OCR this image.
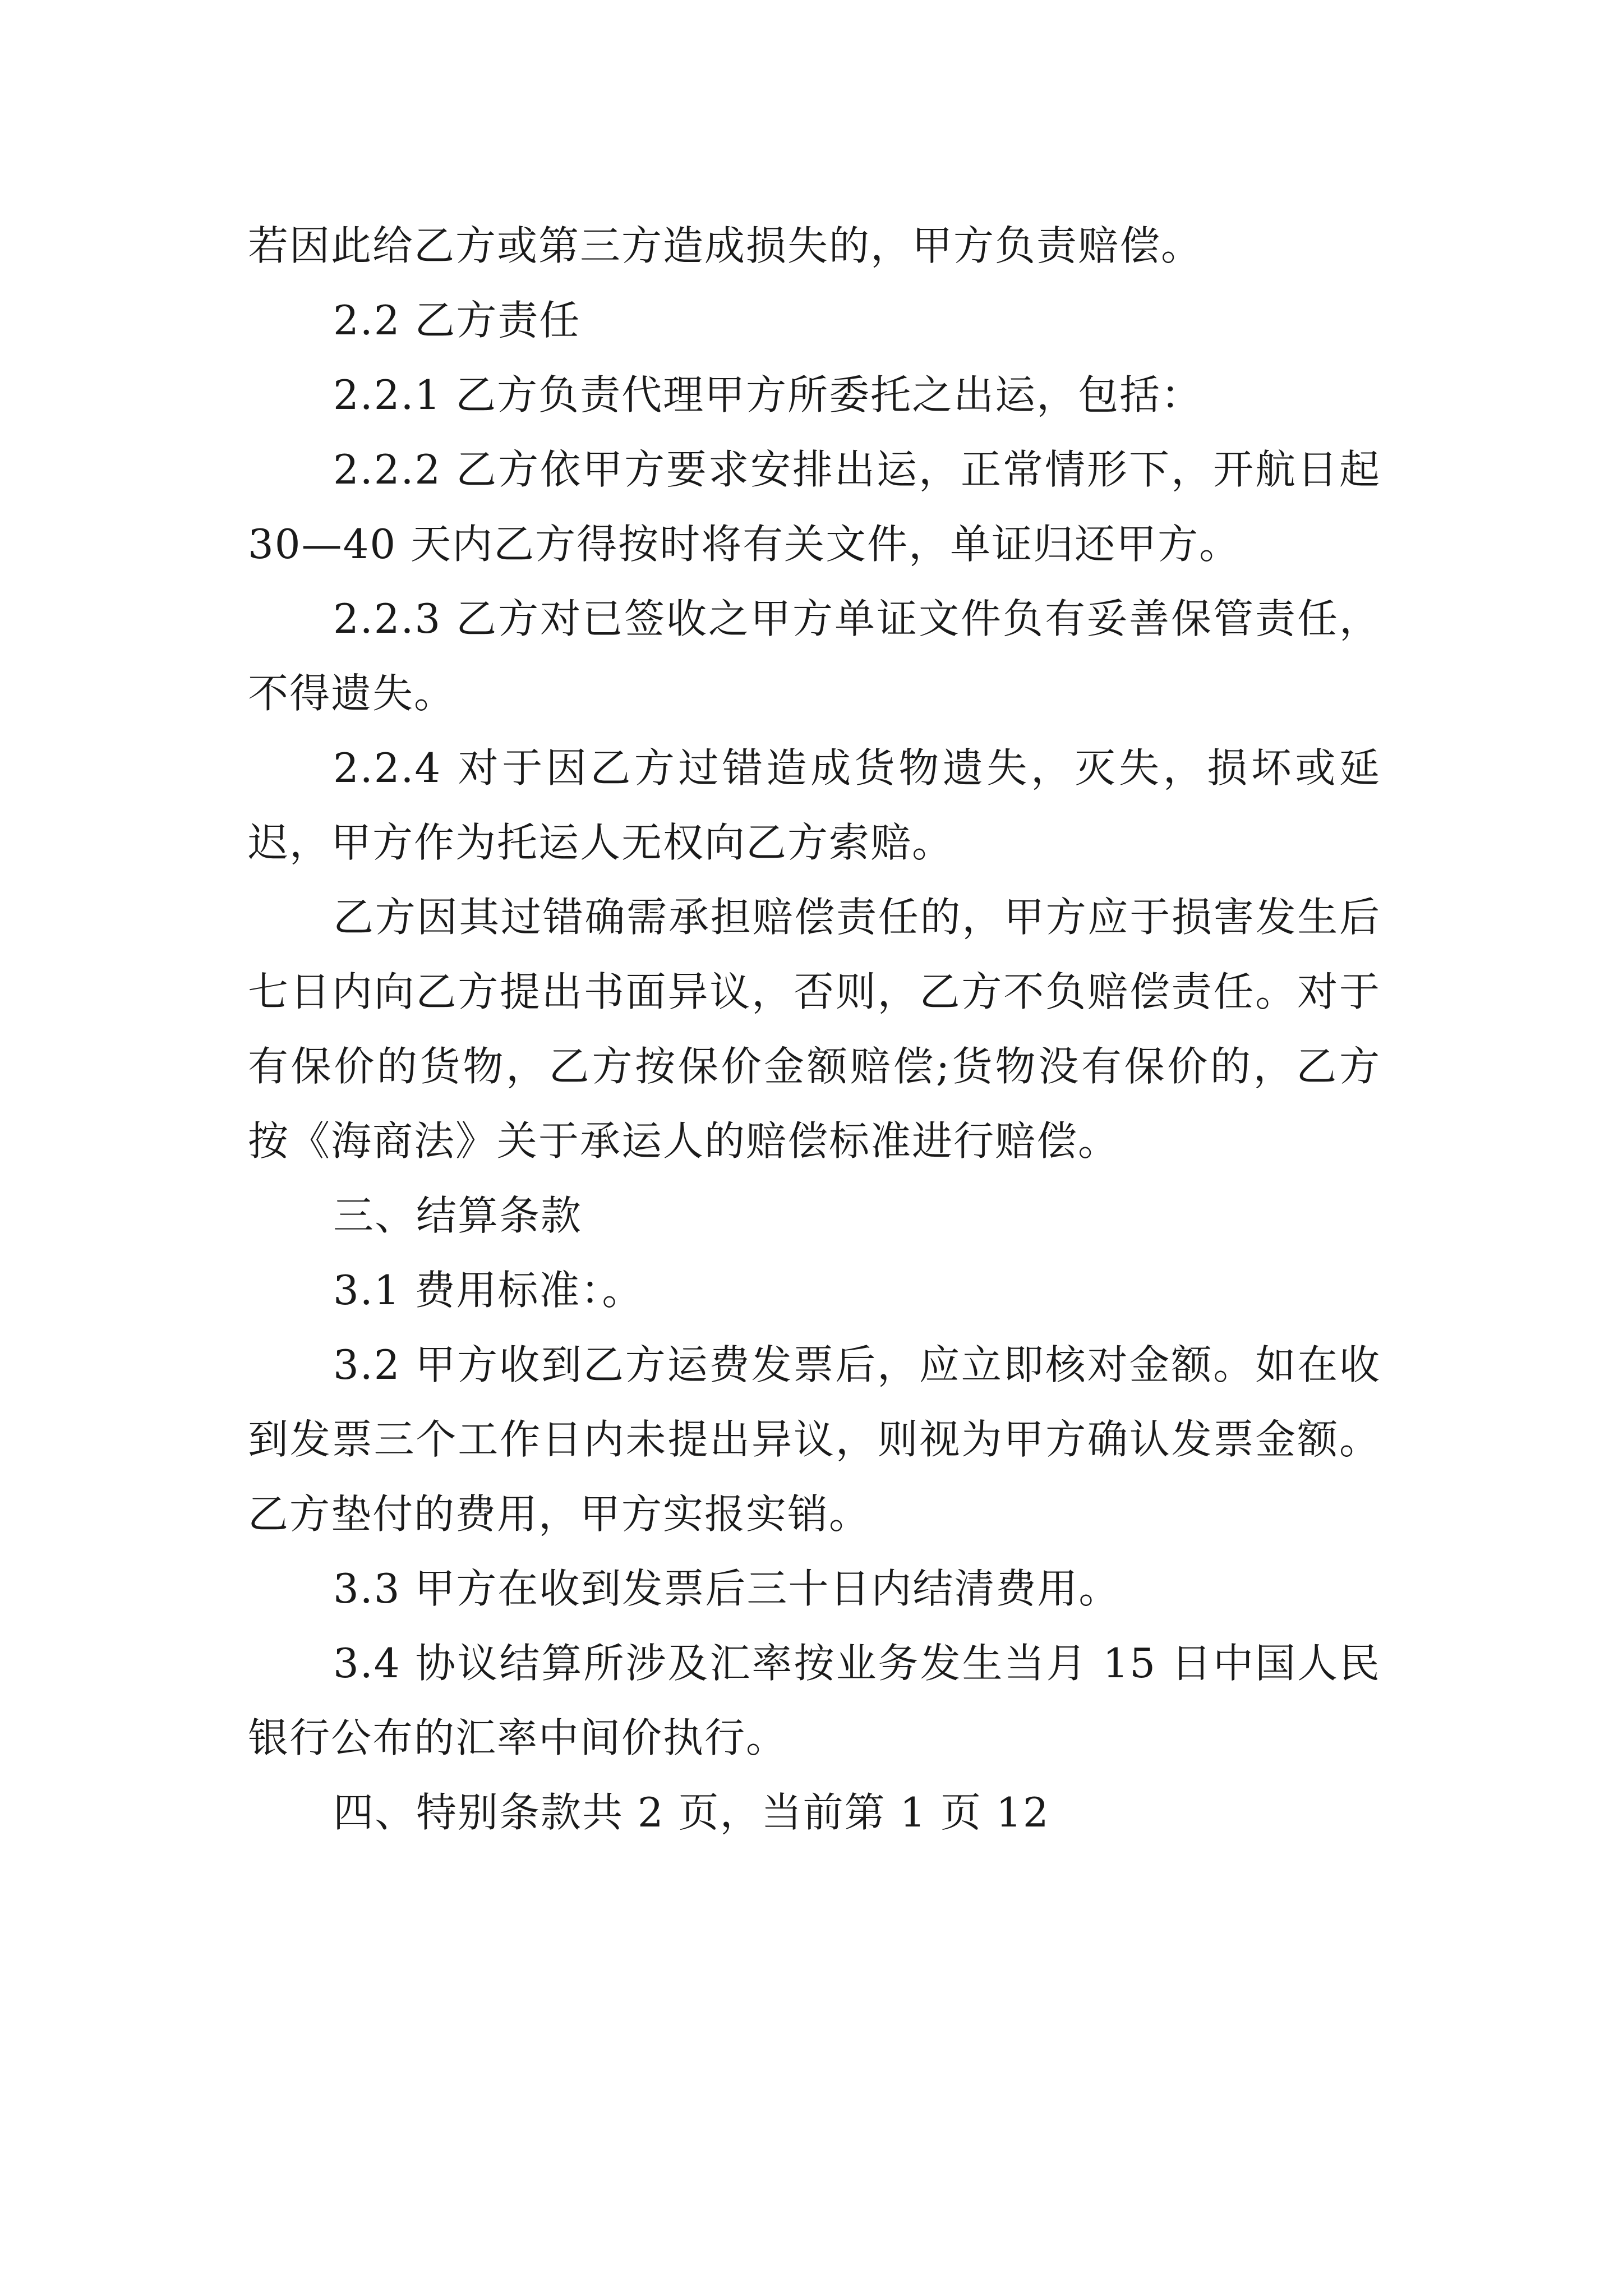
若因此给乙方或第三方造成损失的，甲方负责赔偿。

2.2 乙方责任

2.2.1 乙方负责代理甲方所委托之出运，包括：

2.2.2 乙方依甲方要求安排出运，正常情形下，开航日起 30—40 天内乙方得按时将有关文件，单证归还甲方。

2.2.3 乙方对已签收之甲方单证文件负有妥善保管责任，不得遗失。

2.2.4 对于因乙方过错造成货物遗失，灭失，损坏或延迟，甲方作为托运人无权向乙方索赔。

乙方因其过错确需承担赔偿责任的，甲方应于损害发生后七日内向乙方提出书面异议，否则，乙方不负赔偿责任。对于有保价的货物，乙方按保价金额赔偿;货物没有保价的，乙方按《海商法》关于承运人的赔偿标准进行赔偿。

三、结算条款

3.1 费用标准：。

3.2 甲方收到乙方运费发票后，应立即核对金额。如在收到发票三个工作日内未提出异议，则视为甲方确认发票金额。乙方垫付的费用，甲方实报实销。

3.3 甲方在收到发票后三十日内结清费用。

3.4 协议结算所涉及汇率按业务发生当月 15 日中国人民银行公布的汇率中间价执行。

四、特别条款共 2 页，当前第 1 页 12
